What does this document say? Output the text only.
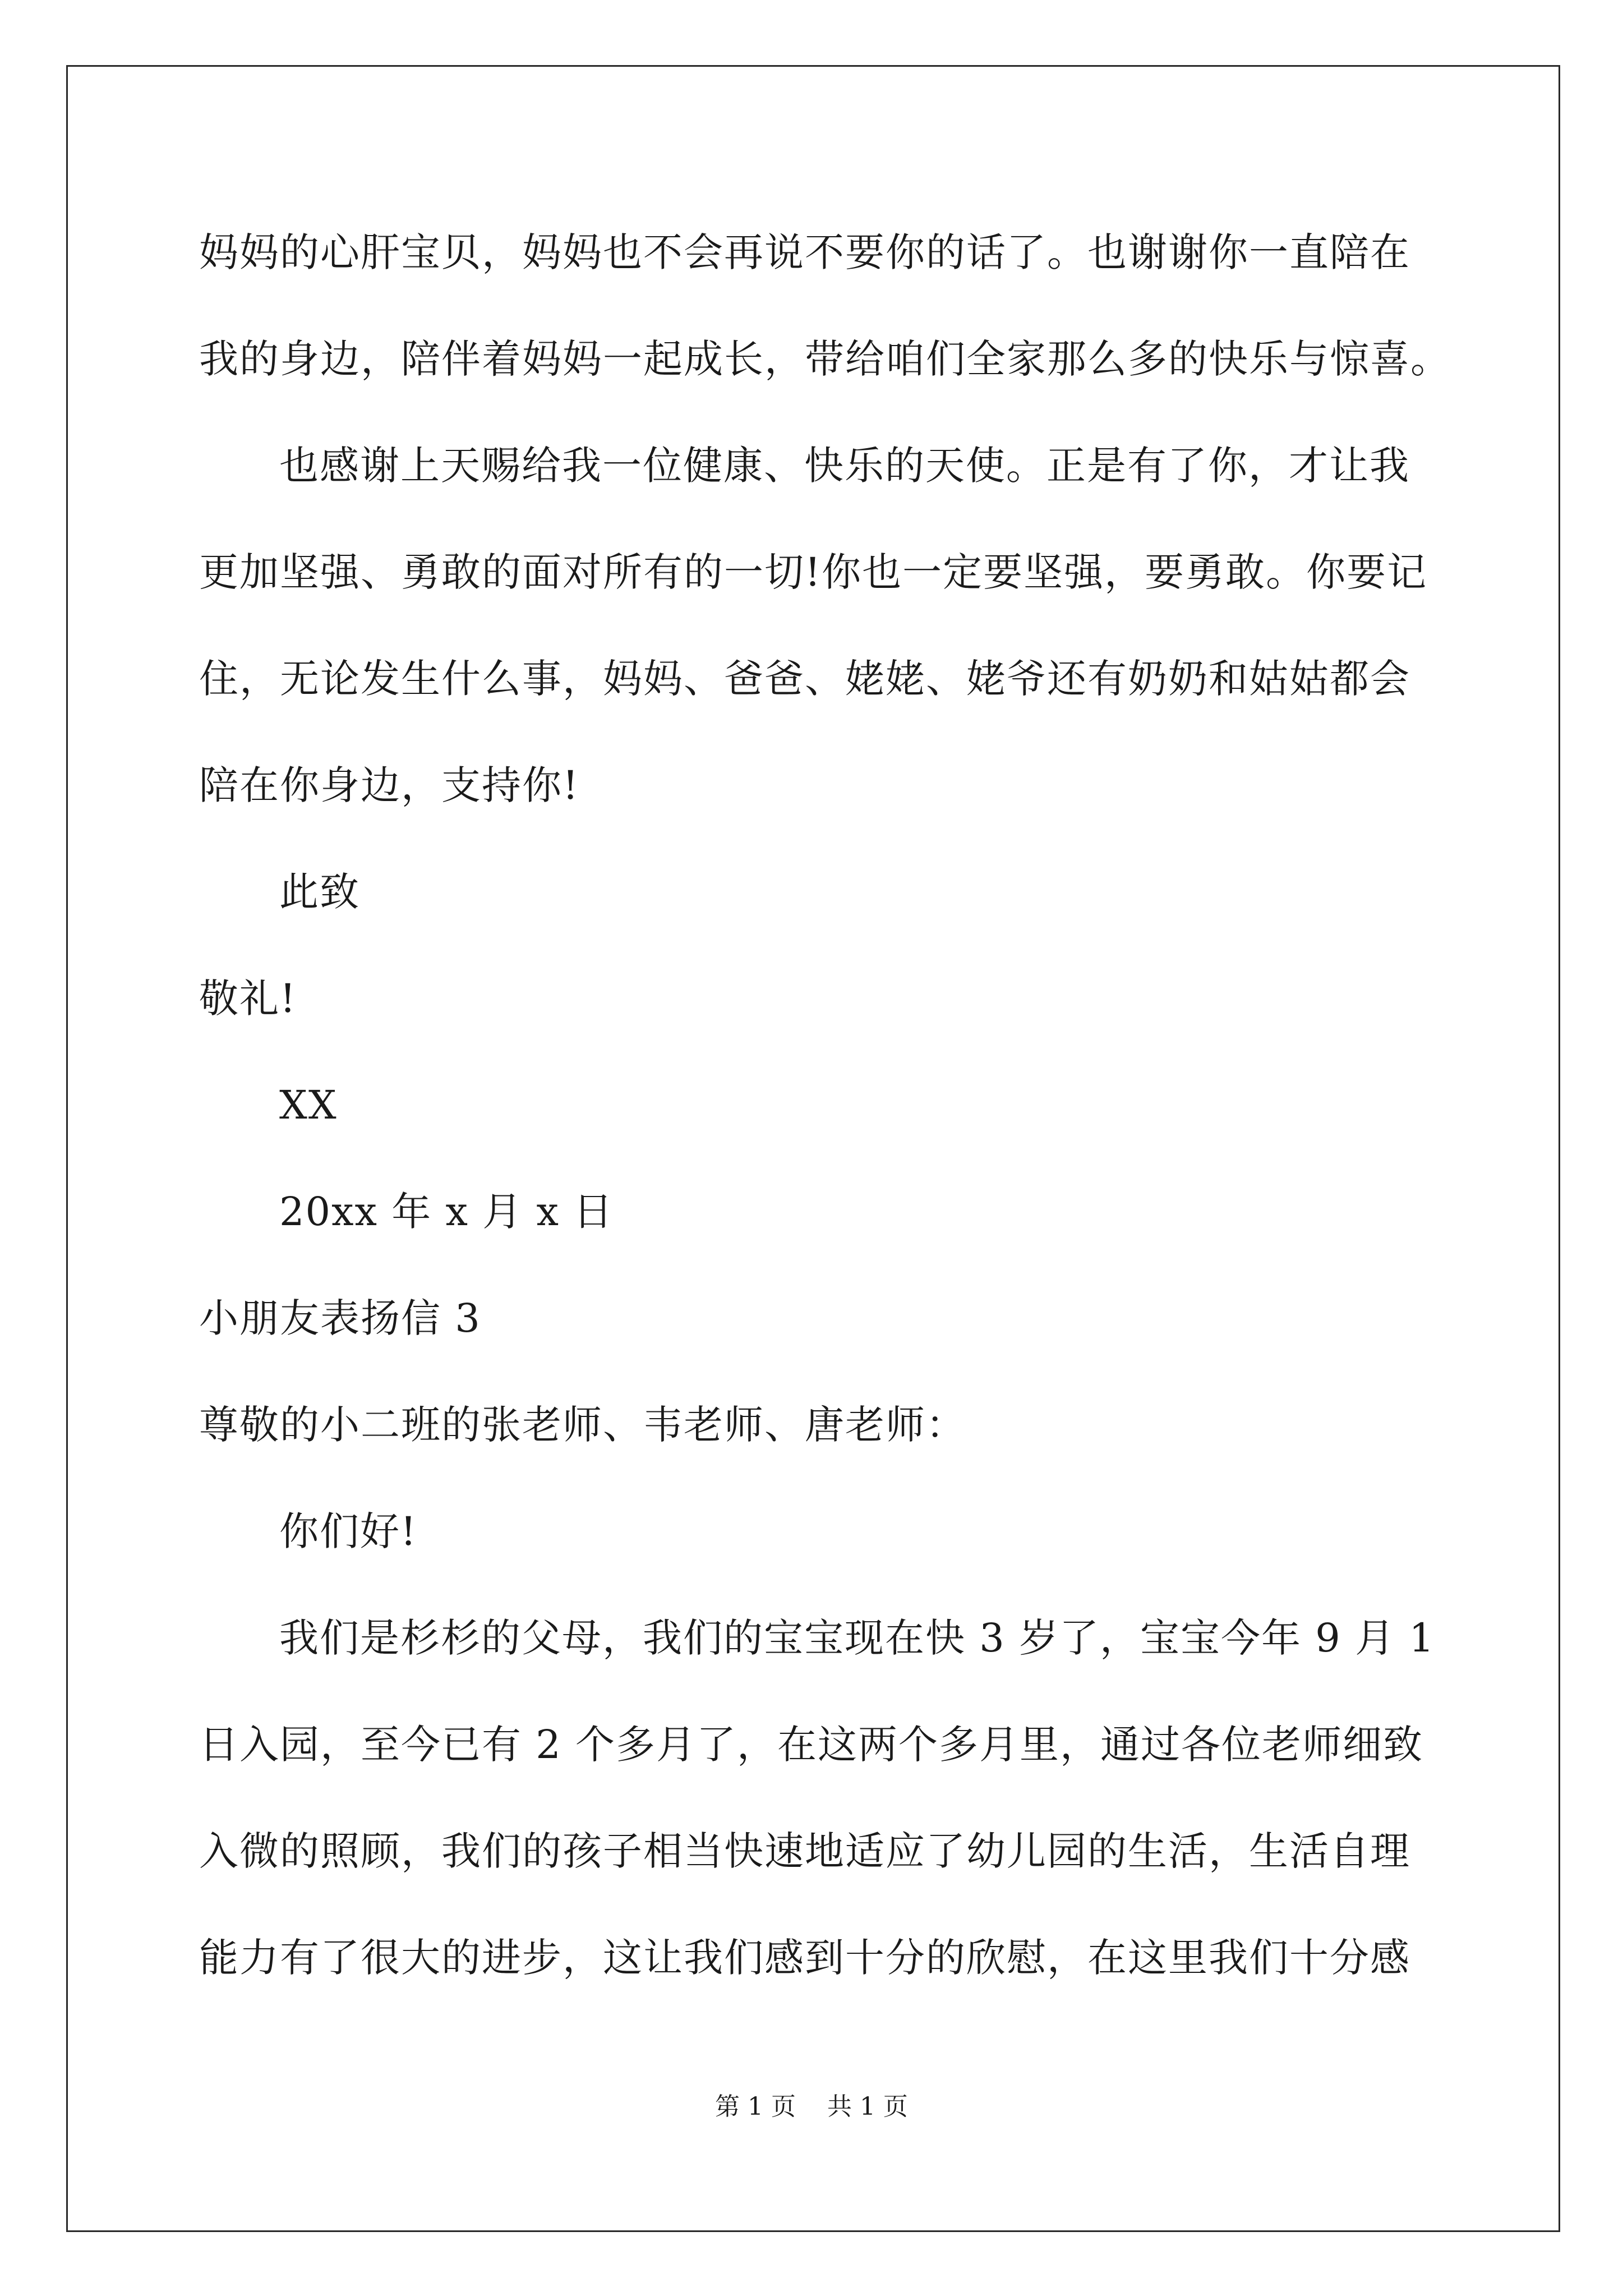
妈妈的心肝宝贝，妈妈也不会再说不要你的话了。也谢谢你一直陪在
我的身边，陪伴着妈妈一起成长，带给咱们全家那么多的快乐与惊喜。
也感谢上天赐给我一位健康、快乐的天使。正是有了你，才让我
更加坚强、勇敢的面对所有的一切!你也一定要坚强，要勇敢。你要记
住，无论发生什么事，妈妈、爸爸、姥姥、姥爷还有奶奶和姑姑都会
陪在你身边，支持你!
此致
敬礼!
XX
20xx 年 x 月 x 日
小朋友表扬信 3
尊敬的小二班的张老师、韦老师、唐老师：
你们好!
我们是杉杉的父母，我们的宝宝现在快 3 岁了，宝宝今年 9 月 1
日入园，至今已有 2 个多月了，在这两个多月里，通过各位老师细致
入微的照顾，我们的孩子相当快速地适应了幼儿园的生活，生活自理
能力有了很大的进步，这让我们感到十分的欣慰，在这里我们十分感
第 1 页    共 1 页
